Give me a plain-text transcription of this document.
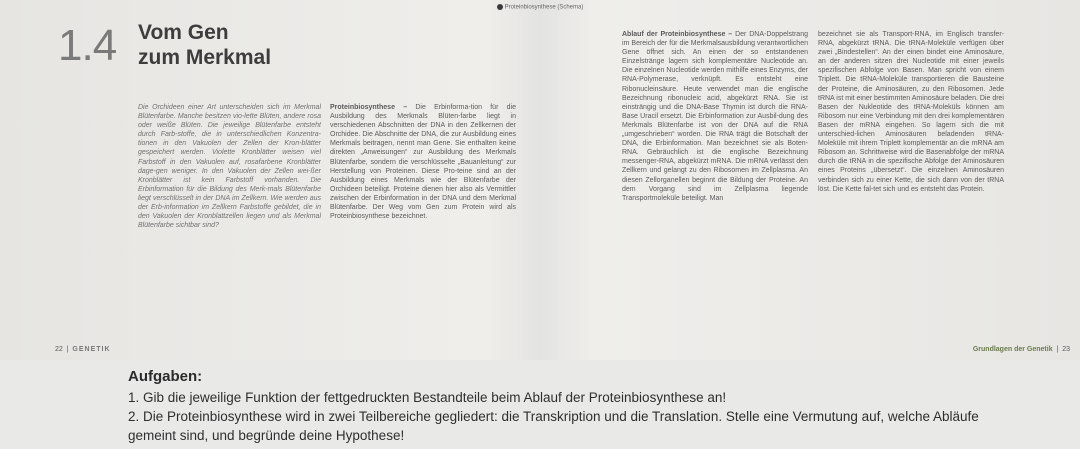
Proteinbiosynthese (Schema)
1.4 Vom Gen
zum Merkmal
Die Orchideen einer Art unterscheiden sich im Merkmal Blütenfarbe. Manche besitzen vio-lette Blüten, andere rosa oder weiße Blüten. Die jeweilige Blütenfarbe entsteht durch Farb-stoffe, die in unterschiedlichen Konzentra-tionen in den Vakuolen der Zellen der Kron-blätter gespeichert werden. Violette Kronblätter weisen viel Farbstoff in den Vakuolen auf, rosafarbene Kronblätter dage-gen weniger. In den Vakuolen der Zellen wei-ßer Kronblätter ist kein Farbstoff vorhanden. Die Erbinformation für die Bildung des Merk-mals Blütenfarbe liegt verschlüsselt in der DNA im Zellkern. Wie werden aus der Erb-information im Zellkern Farbstoffe gebildet, die in den Vakuolen der Kronblattzellen liegen und als Merkmal Blütenfarbe sichtbar sind?
Proteinbiosynthese – Die Erbinforma-tion für die Ausbildung des Merkmals Blüten-farbe liegt in verschiedenen Abschnitten der DNA in den Zellkernen der Orchidee. Die Abschnitte der DNA, die zur Ausbildung eines Merkmals beitragen, nennt man Gene. Sie enthalten keine direkten „Anweisungen“ zur Ausbildung des Merkmals Blütenfarbe, sondern die verschlüsselte „Bauanleitung“ zur Herstellung von Proteinen. Diese Pro-teine sind an der Ausbildung eines Merkmals wie der Blütenfarbe der Orchideen beteiligt. Proteine dienen hier also als Vermittler zwischen der Erbinformation in der DNA und dem Merkmal Blütenfarbe. Der Weg vom Gen zum Protein wird als Proteinbiosynthese bezeichnet.
Ablauf der Proteinbiosynthese – Der DNA-Doppelstrang im Bereich der für die Merkmalsausbildung verantwortlichen Gene öffnet sich. An einen der so entstandenen Einzelstränge lagern sich komplementäre Nucleotide an. Die einzelnen Nucleotide werden mithilfe eines Enzyms, der RNA-Polymerase, verknüpft. Es entsteht eine Ribonucleinsäure. Heute verwendet man die englische Bezeichnung ribonucleic acid, abgekürzt RNA. Sie ist einsträngig und die DNA-Base Thymin ist durch die RNA-Base Uracil ersetzt. Die Erbinformation zur Ausbil-dung des Merkmals Blütenfarbe ist von der DNA auf die RNA „umgeschrieben“ worden. Die RNA trägt die Botschaft der DNA, die Erbinformation. Man bezeichnet sie als Boten-RNA. Gebräuchlich ist die englische Bezeichnung messenger-RNA, abgekürzt mRNA. Die mRNA verlässt den Zellkern und gelangt zu den Ribosomen im Zellplasma. An diesen Zellorganellen beginnt die Bildung der Proteine. An dem Vorgang sind im Zellplasma liegende Transportmoleküle beteiligt. Man
bezeichnet sie als Transport-RNA, im Englisch transfer-RNA, abgekürzt tRNA. Die tRNA-Moleküle verfügen über zwei „Bindestellen“. An der einen bindet eine Aminosäure, an der anderen sitzen drei Nucleotide mit einer jeweils spezifischen Abfolge von Basen. Man spricht von einem Triplett. Die tRNA-Moleküle transportieren die Bausteine der Proteine, die Aminosäuren, zu den Ribosomen. Jede tRNA ist mit einer bestimmten Aminosäure beladen. Die drei Basen der Nukleotide des tRNA-Moleküls können am Ribosom nur eine Verbindung mit den drei komplementären Basen der mRNA eingehen. So lagern sich die mit unterschied-lichen Aminosäuren beladenden tRNA-Moleküle mit ihrem Triplett komplementär an die mRNA am Ribosom an. Schrittweise wird die Basenabfolge der mRNA durch die tRNA in die spezifische Abfolge der Aminosäuren eines Proteins „übersetzt“. Die einzelnen Aminosäuren verbinden sich zu einer Kette, die sich dann von der tRNA löst. Die Kette fal-tet sich und es entsteht das Protein.
22  |  GENETIK	Grundlagen der Genetik  |  23
Aufgaben:
1. Gib die jeweilige Funktion der fettgedruckten Bestandteile beim Ablauf der Proteinbiosynthese an!
2. Die Proteinbiosynthese wird in zwei Teilbereiche gegliedert: die Transkription und die Translation. Stelle eine Vermutung auf, welche Abläufe
gemeint sind, und begründe deine Hypothese!
